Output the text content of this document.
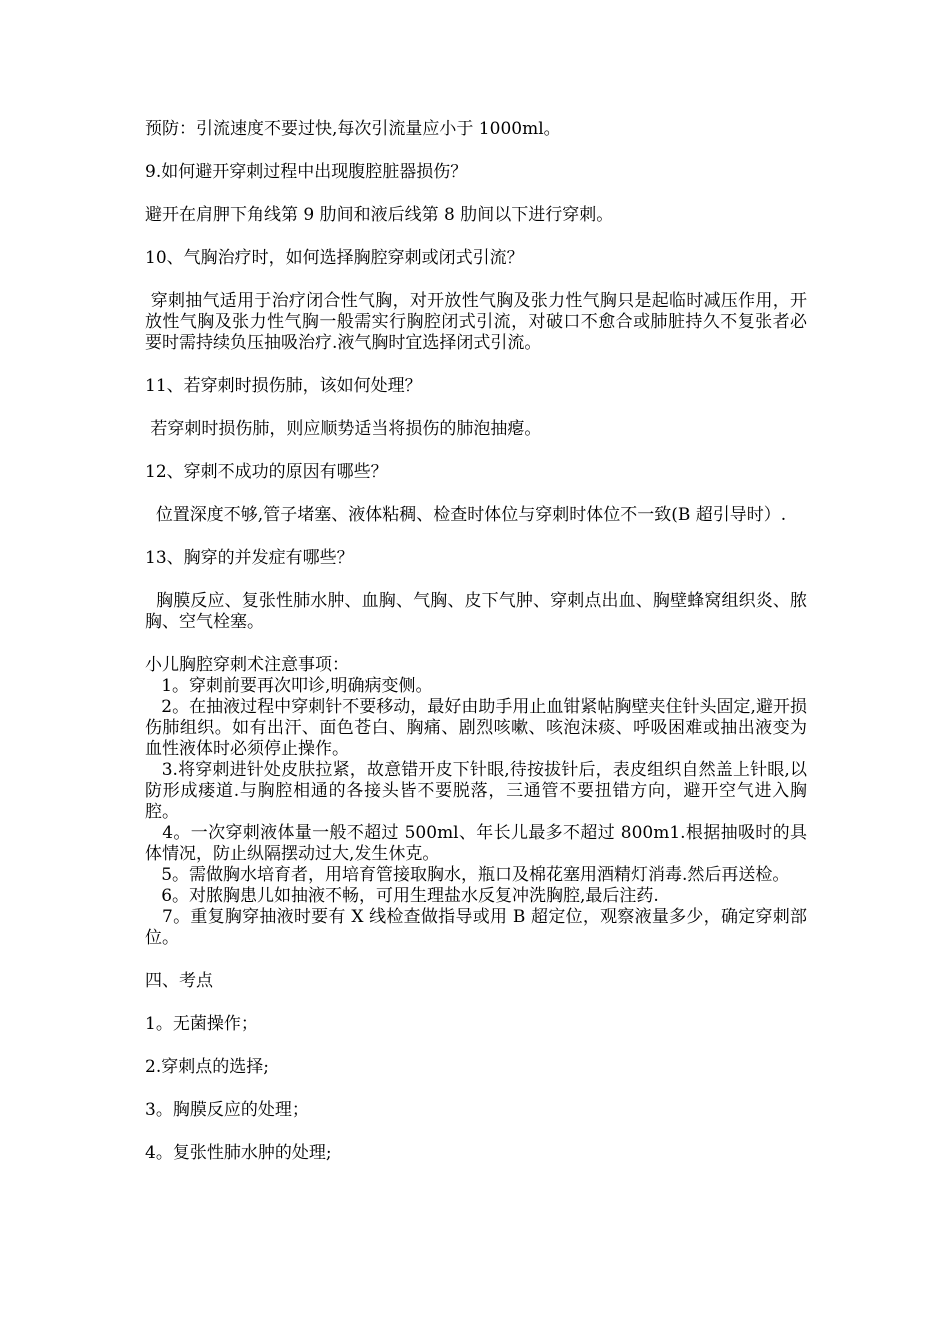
预防：引流速度不要过快,每次引流量应小于 1000ml。

9.如何避开穿刺过程中出现腹腔脏器损伤？

避开在肩胛下角线第 9 肋间和液后线第 8 肋间以下进行穿刺。

10、气胸治疗时，如何选择胸腔穿刺或闭式引流？

穿刺抽气适用于治疗闭合性气胸，对开放性气胸及张力性气胸只是起临时减压作用，开放性气胸及张力性气胸一般需实行胸腔闭式引流，对破口不愈合或肺脏持久不复张者必要时需持续负压抽吸治疗.液气胸时宜选择闭式引流。

11、若穿刺时损伤肺，该如何处理？

若穿刺时损伤肺，则应顺势适当将损伤的肺泡抽瘪。

12、穿刺不成功的原因有哪些？

位置深度不够,管子堵塞、液体粘稠、检查时体位与穿刺时体位不一致(B 超引导时）.

13、胸穿的并发症有哪些？

胸膜反应、复张性肺水肿、血胸、气胸、皮下气肿、穿刺点出血、胸壁蜂窝组织炎、脓胸、空气栓塞。

小儿胸腔穿刺术注意事项：

1。穿刺前要再次叩诊,明确病变侧。

2。在抽液过程中穿刺针不要移动，最好由助手用止血钳紧帖胸壁夹住针头固定,避开损伤肺组织。如有出汗、面色苍白、胸痛、剧烈咳嗽、咳泡沫痰、呼吸困难或抽出液变为血性液体时必须停止操作。

3.将穿刺进针处皮肤拉紧，故意错开皮下针眼,待按拔针后，表皮组织自然盖上针眼,以防形成瘘道.与胸腔相通的各接头皆不要脱落，三通管不要扭错方向，避开空气进入胸腔。

4。一次穿刺液体量一般不超过 500ml、年长儿最多不超过 800m1.根据抽吸时的具体情况，防止纵隔摆动过大,发生休克。

5。需做胸水培育者，用培育管接取胸水，瓶口及棉花塞用酒精灯消毒.然后再送检。

6。对脓胸患儿如抽液不畅，可用生理盐水反复冲洗胸腔,最后注药.

7。重复胸穿抽液时要有 X 线检查做指导或用 B 超定位，观察液量多少，确定穿刺部位。

四、考点

1。无菌操作；

2.穿刺点的选择;

3。胸膜反应的处理；

4。复张性肺水肿的处理;
